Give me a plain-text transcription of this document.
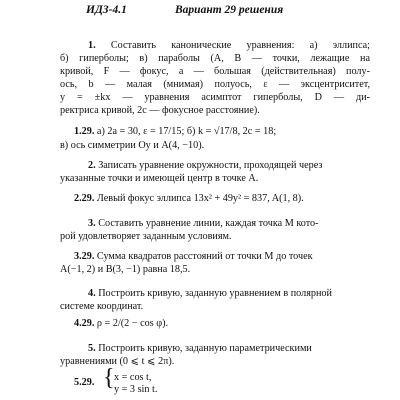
ИДЗ-4.1	Вариант 29 решения
1. Составить канонические уравнения: а) эллипса;
б) гиперболы; в) параболы (A, B — точки, лежащие на
кривой, F — фокус, a — большая (действительная) полу-
ось, b — малая (мнимая) полуось, ε — эксцентриситет,
y = ±kx — уравнения асимптот гиперболы, D — ди-
ректриса кривой, 2c — фокусное расстояние).
1.29. а) 2a = 30, ε = 17/15; б) k = √17/8, 2c = 18;
в) ось симметрии Oy и A(4, −10).
2. Записать уравнение окружности, проходящей через
указанные точки и имеющей центр в точке A.
2.29. Левый фокус эллипса 13x² + 49y² = 837, A(1, 8).
3. Составить уравнение линии, каждая точка M кото-
рой удовлетворяет заданным условиям.
3.29. Сумма квадратов расстояний от точки M до точек
A(−1, 2) и B(3, −1) равна 18,5.
4. Построить кривую, заданную уравнением в полярной
системе координат.
4.29. ρ = 2/(2 − cos φ).
5. Построить кривую, заданную параметрическими
уравнениями (0 ⩽ t ⩽ 2π).
5.29. { x = cos t,
y = 3 sin t.
